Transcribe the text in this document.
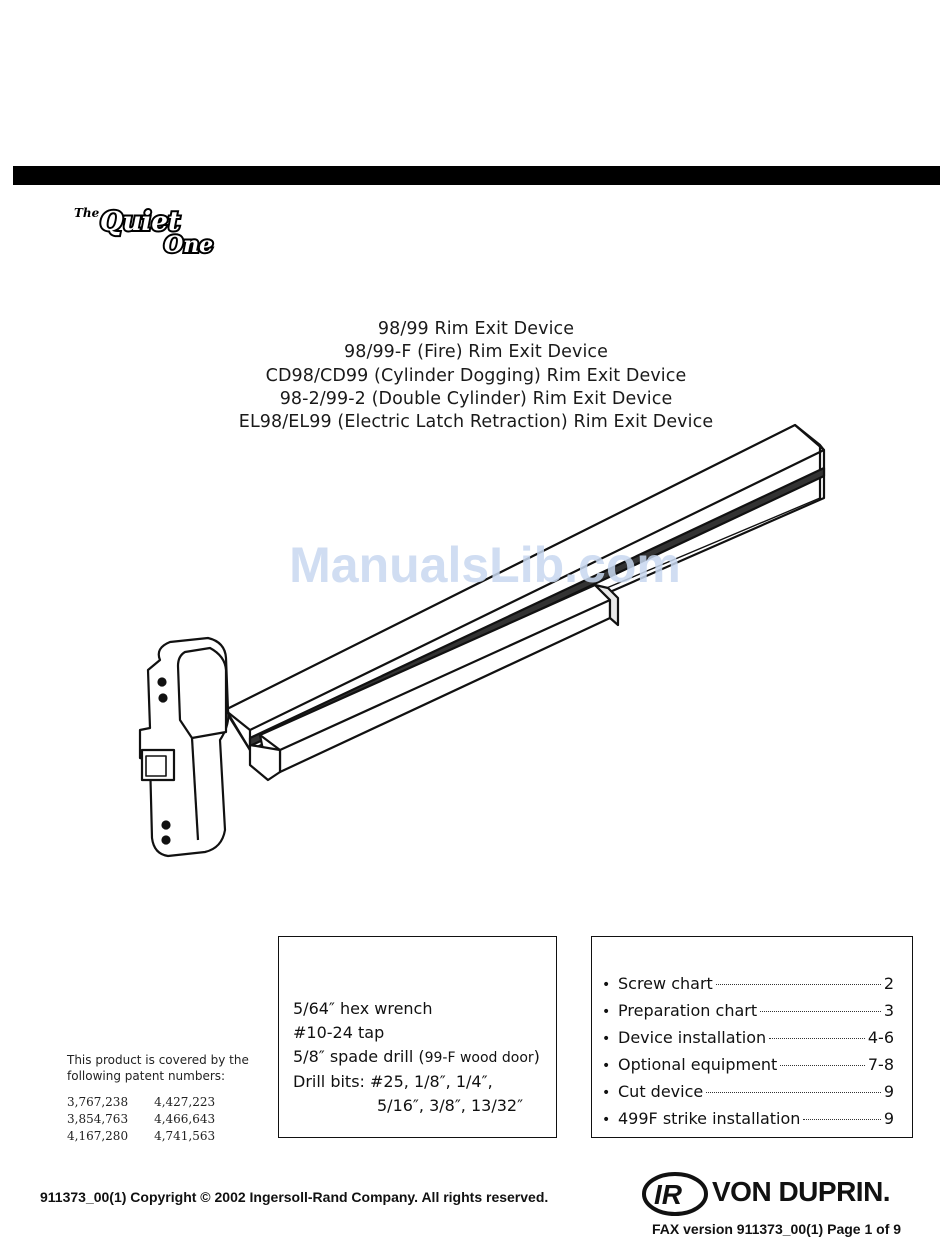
The Quiet
One
98/99 Rim Exit Device
98/99-F (Fire) Rim Exit Device
CD98/CD99 (Cylinder Dogging) Rim Exit Device
98-2/99-2 (Double Cylinder) Rim Exit Device
EL98/EL99 (Electric Latch Retraction) Rim Exit Device
ManualsLib.com
This product is covered by the
following patent numbers:
3,767,238	4,427,223
3,854,763	4,466,643
4,167,280	4,741,563
5/64″ hex wrench
#10-24 tap
5/8″ spade drill (99-F wood door)
Drill bits: #25, 1/8″, 1/4″,
5/16″, 3/8″, 13/32″
• Screw chart	2
• Preparation chart	3
• Device installation	4-6
• Optional equipment	7-8
• Cut device	9
• 499F strike installation	9
911373_00(1) Copyright © 2002 Ingersoll-Rand Company. All rights reserved.	IR VON DUPRIN.
FAX version 911373_00(1) Page 1 of 9
